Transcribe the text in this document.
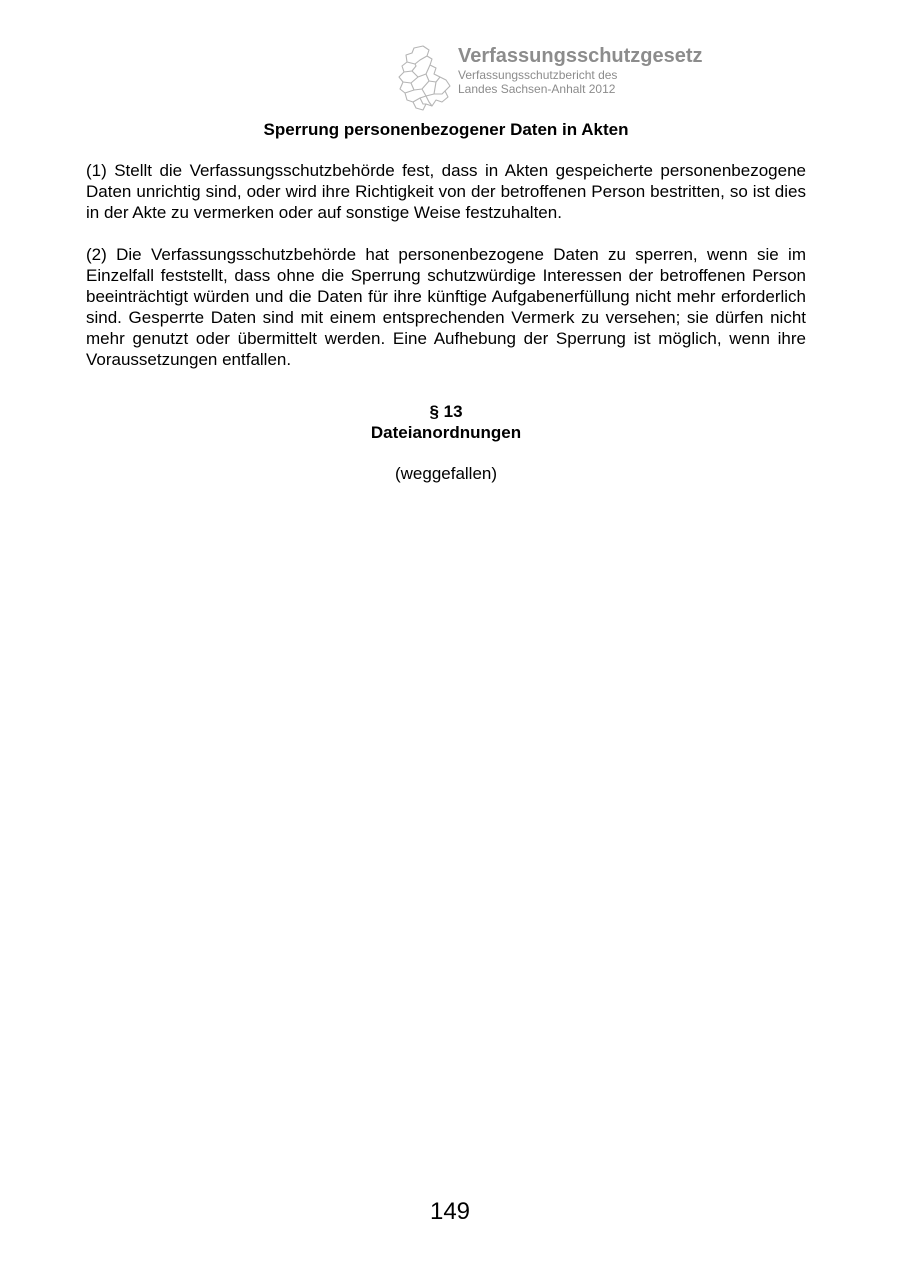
Verfassungsschutzgesetz
Verfassungsschutzbericht des
Landes Sachsen-Anhalt 2012
Sperrung personenbezogener Daten in Akten

(1) Stellt die Verfassungsschutzbehörde fest, dass in Akten gespeicherte personenbezogene Daten unrichtig sind, oder wird ihre Richtigkeit von der betroffenen Person bestritten, so ist dies in der Akte zu vermerken oder auf sonstige Weise festzuhalten.

(2) Die Verfassungsschutzbehörde hat personenbezogene Daten zu sperren, wenn sie im Einzelfall feststellt, dass ohne die Sperrung schutzwürdige Interessen der betroffenen Person beeinträchtigt würden und die Daten für ihre künftige Aufgabenerfüllung nicht mehr erforderlich sind. Gesperrte Daten sind mit einem entsprechenden Vermerk zu versehen; sie dürfen nicht mehr genutzt oder übermittelt werden. Eine Aufhebung der Sperrung ist möglich, wenn ihre Voraussetzungen entfallen.

§ 13
Dateianordnungen
(weggefallen)
149
